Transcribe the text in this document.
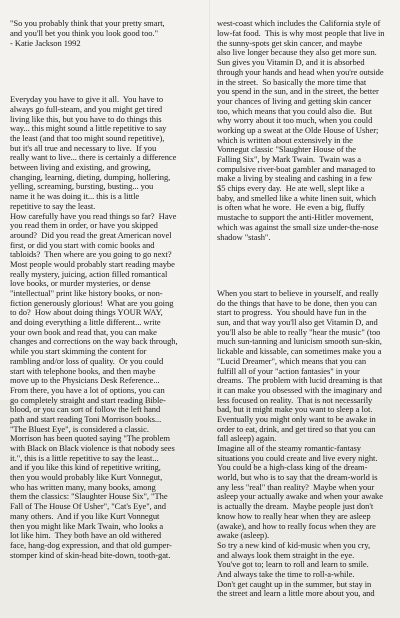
"So you probably think that your pretty smart,
and you'll bet you think you look good too."
- Katie Jackson 1992

Everyday you have to give it all.  You have to
always go full-steam, and you might get tired
living like this, but you have to do things this
way... this might sound a little repetitive to say
the least (and that too might sound repetitive),
but it's all true and necessary to live.  If you
really want to live... there is certainly a difference
between living and existing, and growing,
changing, learning, dieting, dumping, hollering,
yelling, screaming, bursting, busting... you
name it he was doing it... this is a little
repetitive to say the least.
How carefully have you read things so far?  Have
you read them in order, or have you skipped
around?  Did you read the great American novel
first, or did you start with comic books and
tabloids?  Then where are you going to go next?
Most people would probably start reading maybe
really mystery, juicing, action filled romantical
love books, or murder mysteries, or dense
"intellectual" print like history books, or non-
fiction generously glorious!  What are you going
to do?  How about doing things YOUR WAY,
and doing everything a little different... write
your own book and read that, you can make
changes and corrections on the way back through,
while you start skimming the content for
rambling and/or loss of quality.  Or you could
start with telephone books, and then maybe
move up to the Physicians Desk Reference...
From there, you have a lot of options, you can
go completely straight and start reading Bible-
blood, or you can sort of follow the left hand
path and start reading Toni Morrison books...
"The Bluest Eye", is considered a classic.
Morrison has been quoted saying "The problem
with Black on Black violence is that nobody sees
it.", this is a little repetitive to say the least...
and if you like this kind of repetitive writing,
then you would probably like Kurt Vonnegut,
who has written many, many books, among
them the classics: "Slaughter House Six", "The
Fall of The House Of Usher", "Cat's Eye", and
many others.  And if you like Kurt Vonnegut
then you might like Mark Twain, who looks a
lot like him.  They both have an old withered
face, hang-dog expression, and that old gumper-
stomper kind of skin-head bite-down, tooth-gat.

west-coast which includes the California style of
low-fat food.  This is why most people that live in
the sunny-spots get skin cancer, and maybe
also live longer because they also get more sun.
Sun gives you Vitamin D, and it is absorbed
through your hands and head when you're outside
in the street.  So basically the more time that
you spend in the sun, and in the street, the better
your chances of living and getting skin cancer
too, which means that you could also die.  But
why worry about it too much, when you could
working up a sweat at the Olde House of Usher;
which is written about extensively in the
Vonnegut classic "Slaughter House of the
Falling Six", by Mark Twain.  Twain was a
compulsive river-boat gambler and managed to
make a living by stealing and cashing in a few
$5 chips every day.  He ate well, slept like a
baby, and smelled like a white linen suit, which
is often what he wore.  He even a big, fluffy
mustache to support the anti-Hitler movement,
which was against the small size under-the-nose
shadow "stash".

When you start to believe in yourself, and really
do the things that have to be done, then you can
start to progress.  You should have fun in the
sun, and that way you'll also get Vitamin D, and
you'll also be able to really "hear the music" (too
much sun-tanning and lunicism smooth sun-skin,
lickable and kissable, can sometimes make you a
"Lucid Dreamer", which means that you can
fulfill all of your "action fantasies" in your
dreams.  The problem with lucid dreaming is that
it can make you obsessed with the imaginary and
less focused on reality.  That is not necessarily
bad, but it might make you want to sleep a lot.
Eventually you might only want to be awake in
order to eat, drink, and get tired so that you can
fall asleep) again.
Imagine all of the steamy romantic-fantasy
situations you could create and live every night.
You could be a high-class king of the dream-
world, but who is to say that the dream-world is
any less "real" than reality?  Maybe when your
asleep your actually awake and when your awake
is actually the dream.  Maybe people just don't
know how to really hear when they are asleep
(awake), and how to really focus when they are
awake (asleep).
So try a new kind of kid-music when you cry,
and always look them straight in the eye.
You've got to; learn to roll and learn to smile.
And always take the time to roll-a-while.
Don't get caught up in the summer, but stay in
the street and learn a little more about you, and
